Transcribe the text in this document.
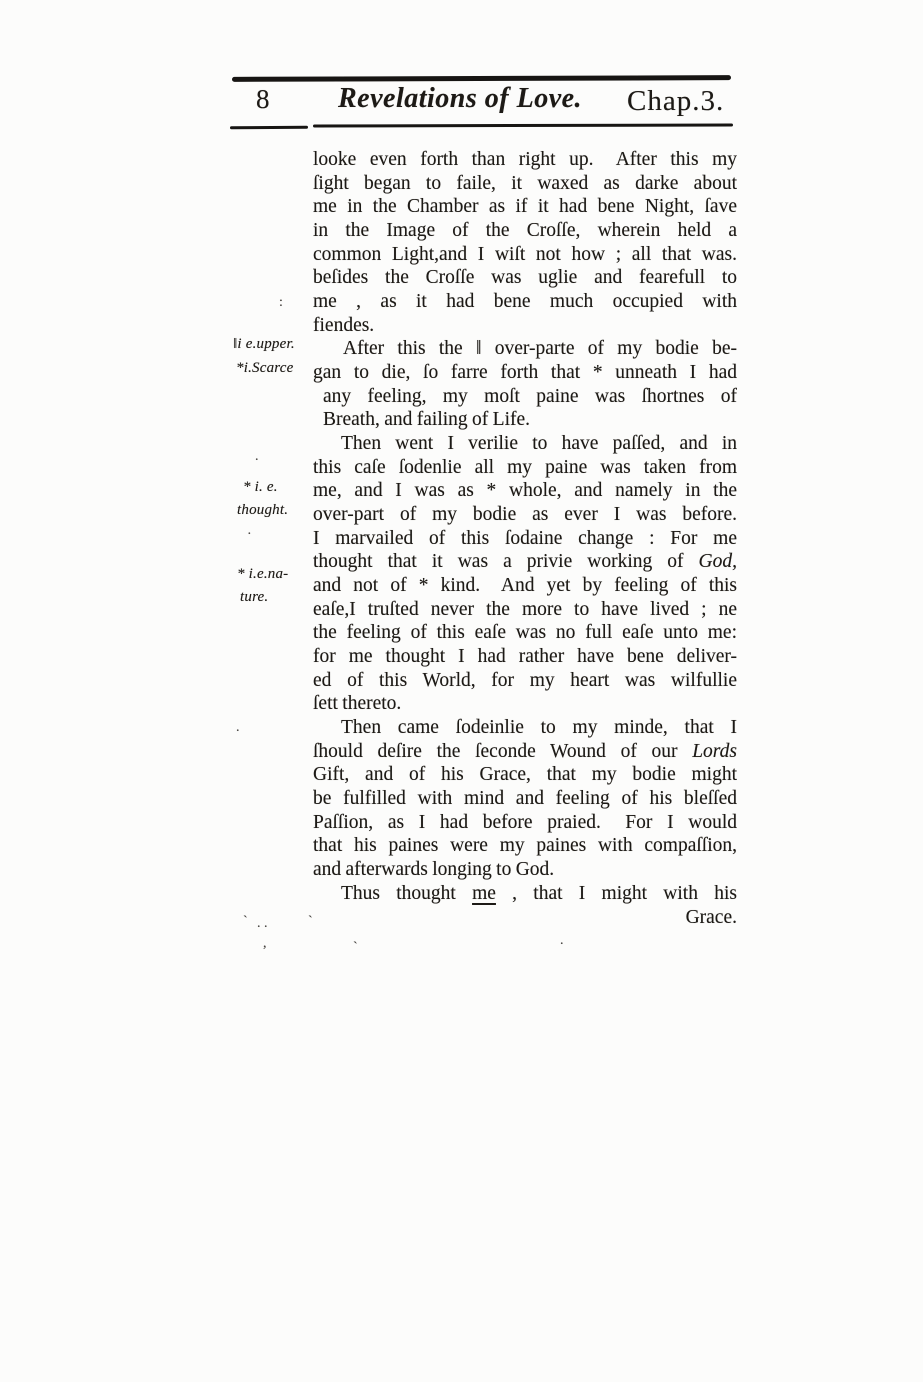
8 Revelations of Love. Chap.3.
looke even forth than right up.  After this my
ſight began to faile, it waxed as darke about
me in the Chamber as if it had bene Night, ſave
in the Image of the Croſſe, wherein held a
common Light,and I wiſt not how ; all that was.
beſides the Croſſe was uglie and fearefull to
me , as it had bene much occupied with
fiendes.
After this the ‖ over-parte of my bodie be-
gan to die, ſo farre forth that * unneath I had
any feeling, my moſt paine was ſhortnes of
Breath, and failing of Life.
Then went I verilie to have paſſed, and in
this caſe ſodenlie all my paine was taken from
me, and I was as * whole, and namely in the
over-part of my bodie as ever I was before.
I marvailed of this ſodaine change : For me
thought that it was a privie working of God,
and not of * kind.  And yet by feeling of this
eaſe,I truſted never the more to have lived ; ne
the feeling of this eaſe was no full eaſe unto me:
for me thought I had rather have bene deliver-
ed of this World, for my heart was wilfullie
ſett thereto.
Then came ſodeinlie to my minde, that I
ſhould deſire the ſeconde Wound of our Lords
Gift, and of his Grace, that my bodie might
be fulfilled with mind and feeling of his bleſſed
Paſſion, as I had before praied.  For I would
that his paines were my paines with compaſſion,
and afterwards longing to God.
Thus thought me , that I might with his
Grace.
‖i e.upper.
*i.Scarce
* i. e.
thought.
* i.e.na-
ture.
:
.
·
.
` . .	`
,	`	.
